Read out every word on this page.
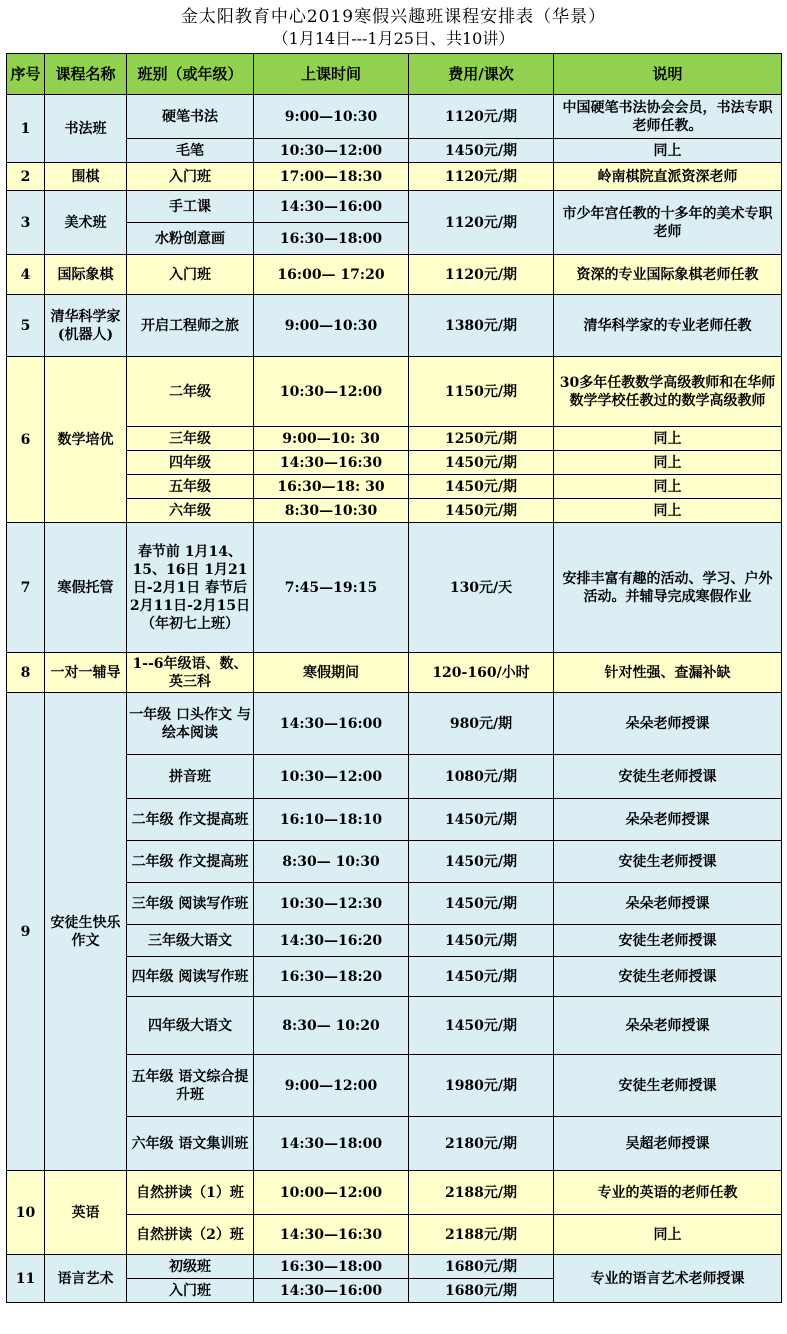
金太阳教育中心2019寒假兴趣班课程安排表（华景）
（1月14日---1月25日、共10讲）
序号	课程名称	班别（或年级）	上课时间	费用/课次	说明
1	书法班	硬笔书法	9:00—10:30	1120元/期	中国硬笔书法协会会员，书法专职老师任教。
		毛笔	10:30—12:00	1450元/期	同上
2	围棋	入门班	17:00—18:30	1120元/期	岭南棋院直派资深老师
3	美术班	手工课	14:30—16:00	1120元/期	市少年宫任教的十多年的美术专职老师
		水粉创意画	16:30—18:00		
4	国际象棋	入门班	16:00— 17:20	1120元/期	资深的专业国际象棋老师任教
5	清华科学家(机器人)	开启工程师之旅	9:00—10:30	1380元/期	清华科学家的专业老师任教
6	数学培优	二年级	10:30—12:00	1150元/期	30多年任教数学高级教师和在华师数学学校任教过的数学高级教师
		三年级	9:00—10: 30	1250元/期	同上
		四年级	14:30—16:30	1450元/期	同上
		五年级	16:30—18: 30	1450元/期	同上
		六年级	8:30—10:30	1450元/期	同上
7	寒假托管	春节前 1月14、15、16日 1月21日-2月1日 春节后 2月11日-2月15日（年初七上班）	7:45—19:15	130元/天	安排丰富有趣的活动、学习、户外活动。并辅导完成寒假作业
8	一对一辅导	1--6年级语、数、英三科	寒假期间	120-160/小时	针对性强、查漏补缺
9	安徒生快乐作文	一年级 口头作文 与绘本阅读	14:30—16:00	980元/期	朵朵老师授课
		拼音班	10:30—12:00	1080元/期	安徒生老师授课
		二年级 作文提高班	16:10—18:10	1450元/期	朵朵老师授课
		二年级 作文提高班	8:30— 10:30	1450元/期	安徒生老师授课
		三年级 阅读写作班	10:30—12:30	1450元/期	朵朵老师授课
		三年级大语文	14:30—16:20	1450元/期	安徒生老师授课
		四年级 阅读写作班	16:30—18:20	1450元/期	安徒生老师授课
		四年级大语文	8:30— 10:20	1450元/期	朵朵老师授课
		五年级 语文综合提升班	9:00—12:00	1980元/期	安徒生老师授课
		六年级 语文集训班	14:30—18:00	2180元/期	吴超老师授课
10	英语	自然拼读（1）班	10:00—12:00	2188元/期	专业的英语的老师任教
		自然拼读（2）班	14:30—16:30	2188元/期	同上
11	语言艺术	初级班	16:30—18:00	1680元/期	专业的语言艺术老师授课
		入门班	14:30—16:00	1680元/期	
